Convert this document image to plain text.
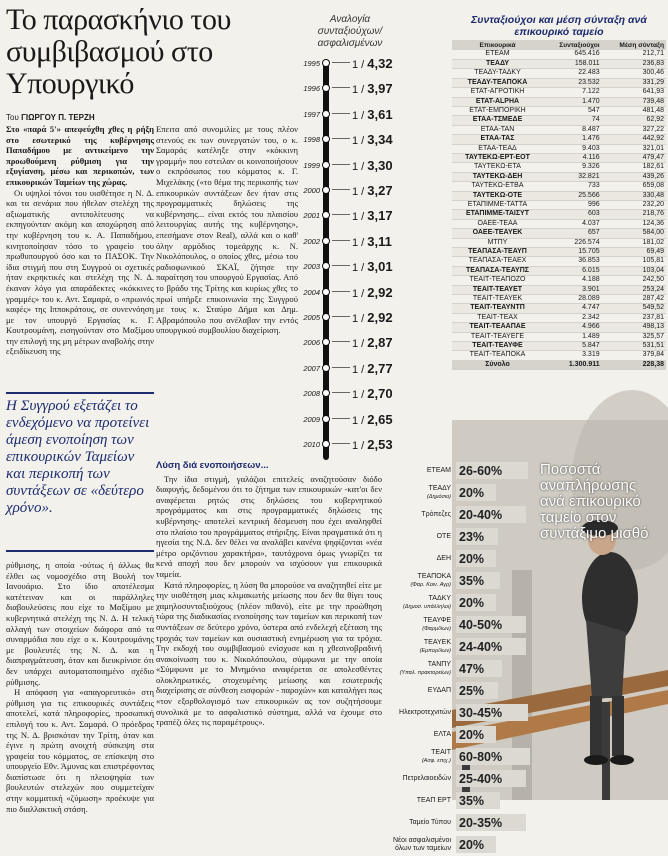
Το παρασκήνιο του συμβιβασμού στο Υπουργικό
Του ΓΙΩΡΓΟΥ Π. ΤΕΡΖΗ

Στο «παρά 5'» απεφεύχθη χθες η ρήξη στο εσωτερικό της κυβέρνησης Παπαδήμου με αντικείμενο την προωθούμενη ρύθμιση για την εξυγίανση, μέσω και περικοπών, των επικουρικών Ταμείων της χώρας.

Οι υψηλοί τόνοι του υισθέτησε η Ν. Δ. και τα σενάρια που ήθελαν στελέχη της αξιωματικής αντιπολίτευσης να εκπηγούνταν ακόμη και αποχώρηση από την κυβέρνηση του κ. Α. Παπαδήμου, κινητοποίησαν τόσο το γραφείο του πρωθυπουργού όσο και το ΠΑΣΟΚ. Την ίδια στιγμή που στη Συγγρού οι σχετικές ήταν εκρηκτικές και στελέχη της Ν. Δ. έκαναν λόγο για απαράδεκτες «κόκκινες γραμμές» του κ. Αντ. Σαμαρά, ο «πρωινός καφές» της Ιπποκράτους, σε συνεννόηση με τον υπουργό Εργασίας κ. Γ. Κουτρουμάνη, εισηγούνταν στο Μαξίμου την επιλογή της μη μέτρων αναβολής στην εξειδίκευση της

Η Συγγρού εξετάζει το ενδεχόμενο να προτείνει άμεση ενοποίηση των επικουρικών Ταμείων και περικοπή των συντάξεων σε «δεύτερο χρόνο».

ρύθμισης, η οποία -ούτως ή άλλως θα έλθει ως νομοσχέδιο στη Βουλή τον Ιανουάριο. Στο ίδιο αποτέλεσμα κατέτειναν και οι παράλληλες διαβουλεύσεις που είχε το Μαξίμου με κυβερνητικά στελέχη της Ν. Δ. Η τελική αλλαγή των στοιχείων διάφορα από τα συναρμόδια που είχε ο κ. Κουτρουμάνης με βουλευτές της Ν. Δ. και η διαπραγμάτευση, όταν και διευκρίνισε ότι δεν υπάρχει αυτοματοποιημένο σχέδιο ρύθμισης.

Η απόφαση για «απαγορευτικό» στη ρύθμιση για τις επικουρικές συντάξεις αποτελεί, κατά πληροφορίες, προσωπική επιλογή του κ. Αντ. Σαμαρά. Ο πρόεδρος της Ν. Δ. βρισκόταν την Τρίτη, όταν και έγινε η πρώτη ανοιχτή σύσκεψη στα γραφεία του κόμματος, σε επίσκεψη στο υπουργείο Εθν. Άμυνας και επιστρέφοντας διαπίστωσε ότι η πλειοψηφία των βουλευτών στελεχών που συμμετείχαν στην κομματική «ζύμωση» προέκυψε για πιο διαλλακτική στάση.

Επειτα από συνομιλίες με τους πλέον στενούς εκ των συνεργατών του, ο κ. Σαμαράς κατέληξε στην «κόκκινη γραμμή» που εστειλαν οι κοινοποιήσουν ο εκπρόσωπος του κόμματος κ. Γ. Μιχελάκης («το θέμα της περικοπής των επικουρικών συντάξεων δεν ήταν στις προγραμματικές δηλώσεις της κυβέρνησης... είναι εκτός του πλαισίου λειτουργίας αυτής της κυβέρνησης», επεσήμανε στον Real), αλλά και ο καθ' όλην αρμόδιος τομεάρχης κ. Ν. Νικολόπουλος, ο οποίος χθες, μέσω του ραδιοφωνικού ΣΚΑΪ, ζήτησε την παραίτηση του υπουργού Εργασίας. Από το βράδυ της Τρίτης και κυρίως χθες το πρωί υπήρξε επικοινωνία της Συγγρού με τους κ. Σταύρο Δήμα και Δημ. Αβραμόπουλο που ανέλαβαν την εντός υπουργικού συμβουλίου διαχείριση.

Λύση διά ενοποιήσεων...

Την ίδια στιγμή, γαλάζιοι επιτελείς αναζητούσαν διόδο διαφυγής, δεδομένου ότι το ζήτημα των επικουρικών -κατ'οι δεν αναφέρεται ρητώς στις δηλώσεις του κυβερνητικού προγράμματος και στις προγραμματικές δηλώσεις της κυβέρνησης- αποτελεί κεντρική δέσμευση που έχει αναληφθεί στο πλαίσιο του προγράμματος στήριξης. Είναι πραγματικά ότι η ηγεσία της Ν.Δ. δεν θέλει να αναλάβει κανένα ψηφίζονται «νέα μέτρο οριζόντιου χαρακτήρα», ταυτόχρονα όμως γνωρίζει τα κενά αποχή που δεν μπορούν να ισχύσουν για επικουρικά ταμεία.

Κατά πληροφορίες, η λύση θα μπορούσε να αναζητηθεί είτε με την υιοθέτηση μιας κλιμακωτής μείωσης που δεν θα θίγει τους χαμηλοσυνταξιούχους (πλέον πιθανό), είτε με την προώθηση τώρα της διαδικασίας ενοποίησης των ταμείων και περικοπή των συντάξεων σε δεύτερο χρόνο, ύστερα από ενδελεχή εξέταση της τροχιάς των ταμείων και ουσιαστική ενημέρωση για τα τρόχια. Την εκδοχή του συμβιβασμού ενίσχυσε και η χθεσινοβραδινή ανακοίνωση του κ. Νικολόπουλου, σύμφωνα με την οποία «Σύμφωνα με το Μνημόνιο αναφέρεται σε απολεσθέντες ολοκληρωτικές, στοχευμένης μείωσης και εσωτερικής διαχείρισης σε σύνθεση εισφορών - παροχών» και καταλήγει πως «τον εξορθολογισμό των επικουρικών ας τον συζητήσουμε συνολικά με το ασφαλιστικό σύστημα, αλλά να έχουμε στο τραπέζι όλες τις παραμέτρους».

Αναλογία συνταξιούχων/ ασφαλισμένων
1995	1 / 4,32
1996	1 / 3,97
1997	1 / 3,61
1998	1 / 3,34
1999	1 / 3,30
2000	1 / 3,27
2001	1 / 3,17
2002	1 / 3,11
2003	1 / 3,01
2004	1 / 2,92
2005	1 / 2,92
2006	1 / 2,87
2007	1 / 2,77
2008	1 / 2,70
2009	1 / 2,65
2010	1 / 2,53
Συνταξιούχοι και μέση σύνταξη ανά επικουρικό ταμείο
Επικουρικά	Συνταξιούχοι	Μέση σύνταξη
ΕΤΕΑΜ	645.416	212,71
ΤΕΑΔΥ	158.011	236,83
ΤΕΑΔΥ-ΤΑΔΚΥ	22.483	300,46
ΤΕΑΔΥ-ΤΕΑΠΟΚΑ	23.532	331,29
ΕΤΑΤ-ΑΓΡΟΤΙΚΗ	7.122	641,93
ΕΤΑΤ-ALPHA	1.470	739,48
ΕΤΑΤ-ΕΜΠΟΡΙΚΗ	547	481,48
ΕΤΑΑ-ΤΣΜΕΔΕ	74	62,92
ΕΤΑΑ-ΤΑΝ	8.487	327,22
ΕΤΑΑ-ΤΑΣ	1.476	442,92
ΕΤΑΑ-ΤΕΑΔ	9.403	321,01
ΤΑΥΤΕΚΩ-ΕΡΤ-ΕΟΤ	4.116	479,47
ΤΑΥΤΕΚΩ-ΕΤΑ	9.326	182,61
ΤΑΥΤΕΚΩ-ΔΕΗ	32.821	439,26
ΤΑΥΤΕΚΩ-ΕΤΒΑ	733	659,08
ΤΑΥΤΕΚΩ-ΟΤΕ	25.566	330,48
ΕΤΑΠΙΜΜΕ-ΤΑΤΤΑ	996	232,20
ΕΤΑΠΙΜΜΕ-ΤΑΙΣΥΤ	603	218,76
ΟΑΕΕ-ΤΕΑΑ	4.037	124,36
ΟΑΕΕ-ΤΕΑΥΕΚ	657	584,00
ΜΤΠΥ	226.574	181,02
ΤΕΑΠΑΣΑ-ΤΕΑΥΠ	15.705	69,49
ΤΕΑΠΑΣΑ-ΤΕΑΕΧ	36.853	105,81
ΤΕΑΠΑΣΑ-ΤΕΑΥΠΣ	6.015	103,04
ΤΕΑΙΤ-ΤΕΑΠΟΖΟ	4.188	242,50
ΤΕΑΙΤ-ΤΕΑΥΕΤ	3.901	253,24
ΤΕΑΙΤ-ΤΕΑΥΕΚ	28.089	287,42
ΤΕΑΙΤ-ΤΕΑΥΝΤΠ	4.747	549,52
ΤΕΑΙΤ-ΤΕΑΧ	2.342	237,81
ΤΕΑΙΤ-ΤΕΑΑΠΑΕ	4.966	498,13
ΤΕΑΙΤ-ΤΕΑΥΕΓΕ	1.489	325,57
ΤΕΑΙΤ-ΤΕΑΥΦΕ	5.847	531,51
ΤΕΑΙΤ-ΤΕΑΠΟΚΑ	3.319	379,84
Σύνολο	1.300.911	228,38
Ποσοστά αναπλήρωσης ανά επικουρικό ταμείο στον συντάξιμο μισθό
ΕΤΕΑΜ 26-60%
ΤΕΑΔΥ
(Δημόσιο) 20%
Τρόπεζες 20-40%
ΟΤΕ 23%
ΔΕΗ 20%
ΤΕΑΠΟΚΑ
(Φαρ. Κοιν. Αγρ) 35%
ΤΑΔΚΥ
(Δημοσ. υπάλληλοι) 20%
ΤΕΑΥΦΕ
(Φαρμ/λων) 40-50%
ΤΕΑΥΕΚ
(Εμπορ/λων) 24-40%
ΤΑΝΠΥ
(Υπαλ. πρακτορείων) 47%
ΕΥΔΑΠ 25%
Ηλεκτροτεχνιτών 30-45%
ΕΛΤΑ 20%
ΤΕΑΙΤ
(Ασφ. επιχ.) 60-80%
Πετρελαιοειδών 25-40%
ΤΕΑΠ ΕΡΤ 35%
Ταμείο Τύπου 20-35%
Νέοι ασφαλισμένοι όλων των ταμείων 20%
